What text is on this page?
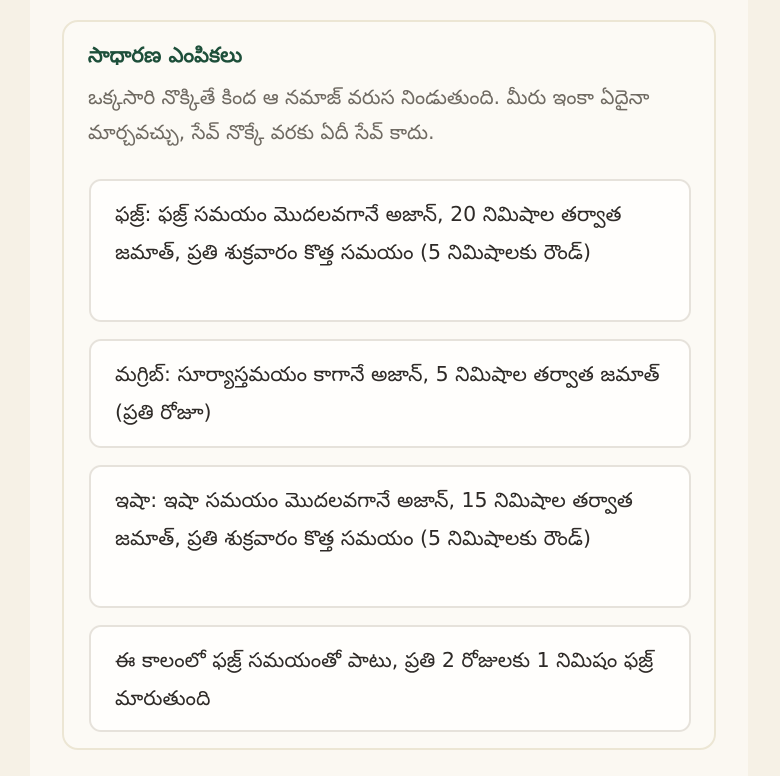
సాధారణ ఎంపికలు

ఒక్కసారి నొక్కితే కింద ఆ నమాజ్ వరుస నిండుతుంది. మీరు ఇంకా ఏదైనా మార్చవచ్చు, సేవ్ నొక్కే వరకు ఏదీ సేవ్ కాదు.

ఫజ్ర్: ఫజ్ర్ సమయం మొదలవగానే అజాన్, 20 నిమిషాల తర్వాత జమాత్, ప్రతి శుక్రవారం కొత్త సమయం (5 నిమిషాలకు రౌండ్)

మగ్రిబ్: సూర్యాస్తమయం కాగానే అజాన్, 5 నిమిషాల తర్వాత జమాత్ (ప్రతి రోజూ)

ఇషా: ఇషా సమయం మొదలవగానే అజాన్, 15 నిమిషాల తర్వాత జమాత్, ప్రతి శుక్రవారం కొత్త సమయం (5 నిమిషాలకు రౌండ్)

ఈ కాలంలో ఫజ్ర్ సమయంతో పాటు, ప్రతి 2 రోజులకు 1 నిమిషం ఫజ్ర్ మారుతుంది
